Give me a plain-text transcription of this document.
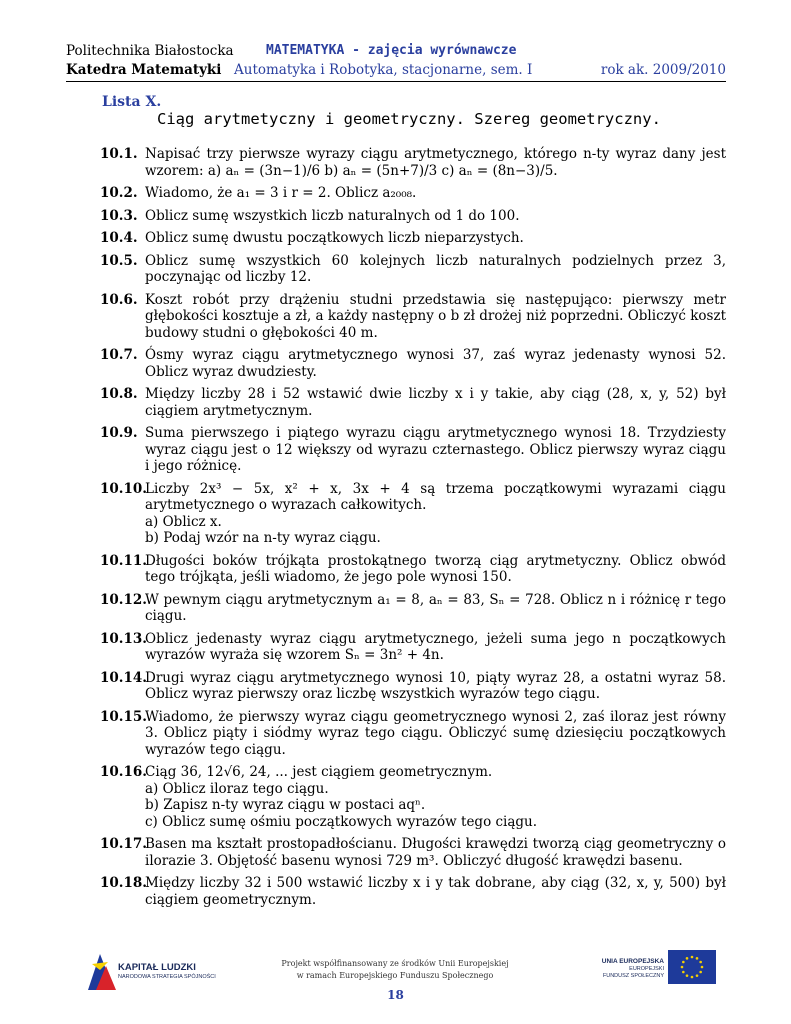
Politechnika Białostocka MATEMATYKA - zajęcia wyrównawcze
Katedra Matematyki Automatyka i Robotyka, stacjonarne, sem. I	rok ak. 2009/2010
Lista X.
Ciąg arytmetyczny i geometryczny. Szereg geometryczny.
10.1. Napisać trzy pierwsze wyrazy ciągu arytmetycznego, którego n-ty wyraz dany jest wzorem: a) aₙ = (3n−1)/6 b) aₙ = (5n+7)/3 c) aₙ = (8n−3)/5.
10.2. Wiadomo, że a₁ = 3 i r = 2. Oblicz a₂₀₀₈.
10.3. Oblicz sumę wszystkich liczb naturalnych od 1 do 100.
10.4. Oblicz sumę dwustu początkowych liczb nieparzystych.
10.5. Oblicz sumę wszystkich 60 kolejnych liczb naturalnych podzielnych przez 3, poczynając od liczby 12.
10.6. Koszt robót przy drążeniu studni przedstawia się następująco: pierwszy metr głębokości kosztuje a zł, a każdy następny o b zł drożej niż poprzedni. Obliczyć koszt budowy studni o głębokości 40 m.
10.7. Ósmy wyraz ciągu arytmetycznego wynosi 37, zaś wyraz jedenasty wynosi 52. Oblicz wyraz dwudziesty.
10.8. Między liczby 28 i 52 wstawić dwie liczby x i y takie, aby ciąg (28, x, y, 52) był ciągiem arytmetycznym.
10.9. Suma pierwszego i piątego wyrazu ciągu arytmetycznego wynosi 18. Trzydziesty wyraz ciągu jest o 12 większy od wyrazu czternastego. Oblicz pierwszy wyraz ciągu i jego różnicę.
10.10.
Liczby 2x³ − 5x, x² + x, 3x + 4 są trzema początkowymi wyrazami ciągu arytmetycznego o wyrazach całkowitych.
a) Oblicz x.
b) Podaj wzór na n-ty wyraz ciągu.
10.11.
Długości boków trójkąta prostokątnego tworzą ciąg arytmetyczny. Oblicz obwód tego trójkąta, jeśli wiadomo, że jego pole wynosi 150.
10.12.
W pewnym ciągu arytmetycznym a₁ = 8, aₙ = 83, Sₙ = 728. Oblicz n i różnicę r tego ciągu.
10.13.
Oblicz jedenasty wyraz ciągu arytmetycznego, jeżeli suma jego n początkowych wyrazów wyraża się wzorem Sₙ = 3n² + 4n.
10.14.
Drugi wyraz ciągu arytmetycznego wynosi 10, piąty wyraz 28, a ostatni wyraz 58. Oblicz wyraz pierwszy oraz liczbę wszystkich wyrazów tego ciągu.
10.15.
Wiadomo, że pierwszy wyraz ciągu geometrycznego wynosi 2, zaś iloraz jest równy 3. Oblicz piąty i siódmy wyraz tego ciągu. Obliczyć sumę dziesięciu początkowych wyrazów tego ciągu.
10.16.
Ciąg 36, 12√6, 24, ... jest ciągiem geometrycznym.
a) Oblicz iloraz tego ciągu.
b) Zapisz n-ty wyraz ciągu w postaci aqⁿ.
c) Oblicz sumę ośmiu początkowych wyrazów tego ciągu.
10.17.
Basen ma kształt prostopadłościanu. Długości krawędzi tworzą ciąg geometryczny o ilorazie 3. Objętość basenu wynosi 729 m³. Obliczyć długość krawędzi basenu.
10.18.
Między liczby 32 i 500 wstawić liczby x i y tak dobrane, aby ciąg (32, x, y, 500) był ciągiem geometrycznym.
KAPITAŁ LUDZKI
NARODOWA STRATEGIA SPÓJNOŚCI
Projekt współfinansowany ze środków Unii Europejskiej
w ramach Europejskiego Funduszu Społecznego
UNIA EUROPEJSKA
EUROPEJSKI
FUNDUSZ SPOŁECZNY
18
